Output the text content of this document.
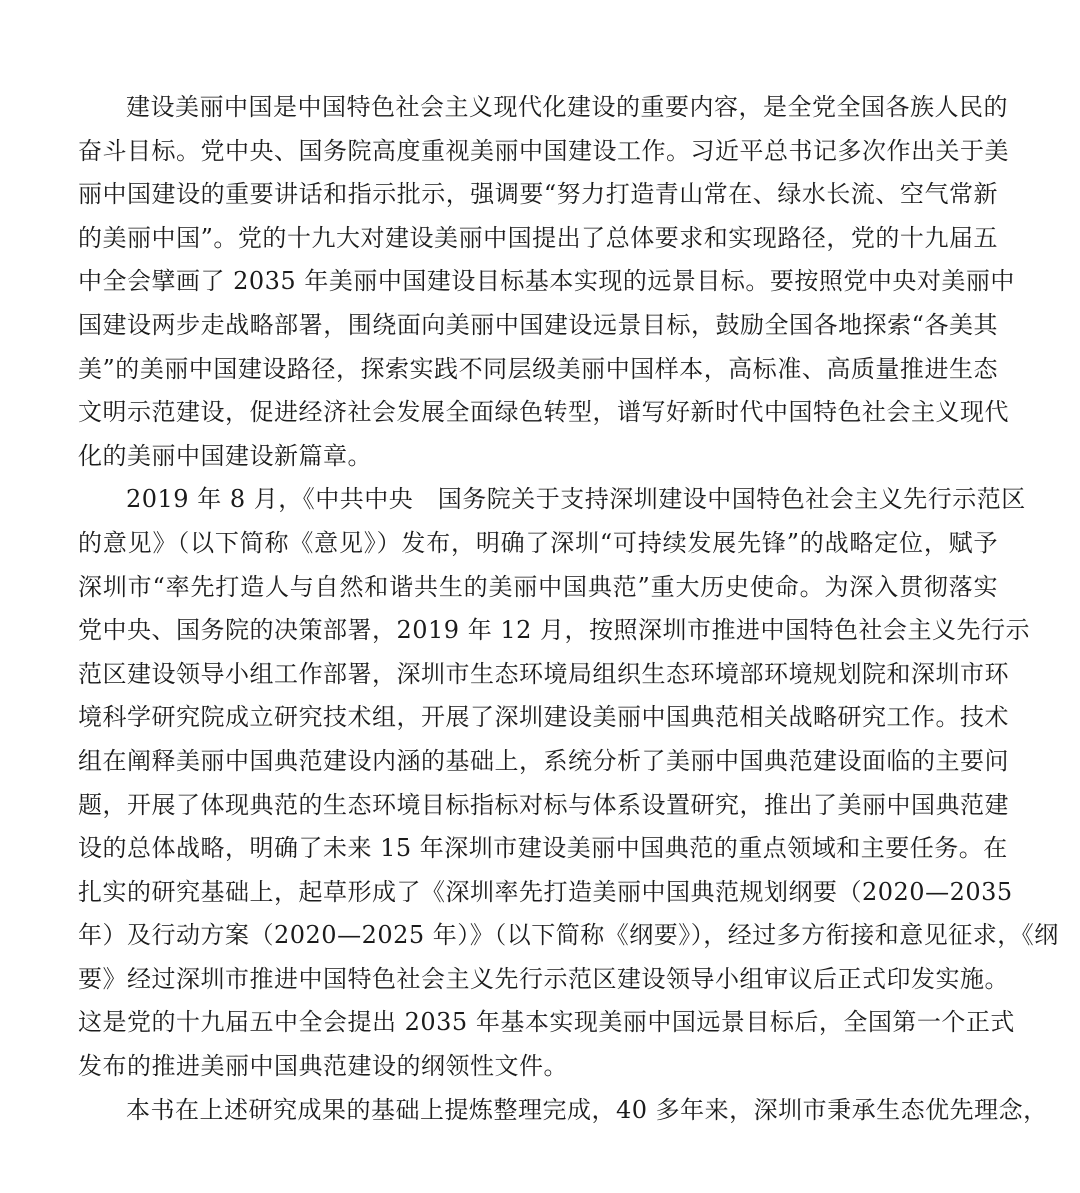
建设美丽中国是中国特色社会主义现代化建设的重要内容，是全党全国各族人民的
奋斗目标。党中央、国务院高度重视美丽中国建设工作。习近平总书记多次作出关于美
丽中国建设的重要讲话和指示批示，强调要“努力打造青山常在、绿水长流、空气常新
的美丽中国”。党的十九大对建设美丽中国提出了总体要求和实现路径，党的十九届五
中全会擘画了 2035 年美丽中国建设目标基本实现的远景目标。要按照党中央对美丽中
国建设两步走战略部署，围绕面向美丽中国建设远景目标，鼓励全国各地探索“各美其
美”的美丽中国建设路径，探索实践不同层级美丽中国样本，高标准、高质量推进生态
文明示范建设，促进经济社会发展全面绿色转型，谱写好新时代中国特色社会主义现代
化的美丽中国建设新篇章。
2019 年 8 月，《中共中央　国务院关于支持深圳建设中国特色社会主义先行示范区
的意见》（以下简称《意见》）发布，明确了深圳“可持续发展先锋”的战略定位，赋予
深圳市“率先打造人与自然和谐共生的美丽中国典范”重大历史使命。为深入贯彻落实
党中央、国务院的决策部署，2019 年 12 月，按照深圳市推进中国特色社会主义先行示
范区建设领导小组工作部署，深圳市生态环境局组织生态环境部环境规划院和深圳市环
境科学研究院成立研究技术组，开展了深圳建设美丽中国典范相关战略研究工作。技术
组在阐释美丽中国典范建设内涵的基础上，系统分析了美丽中国典范建设面临的主要问
题，开展了体现典范的生态环境目标指标对标与体系设置研究，推出了美丽中国典范建
设的总体战略，明确了未来 15 年深圳市建设美丽中国典范的重点领域和主要任务。在
扎实的研究基础上，起草形成了《深圳率先打造美丽中国典范规划纲要（2020—2035
年）及行动方案（2020—2025 年）》（以下简称《纲要》），经过多方衔接和意见征求，《纲
要》经过深圳市推进中国特色社会主义先行示范区建设领导小组审议后正式印发实施。
这是党的十九届五中全会提出 2035 年基本实现美丽中国远景目标后，全国第一个正式
发布的推进美丽中国典范建设的纲领性文件。
本书在上述研究成果的基础上提炼整理完成，40 多年来，深圳市秉承生态优先理念，
